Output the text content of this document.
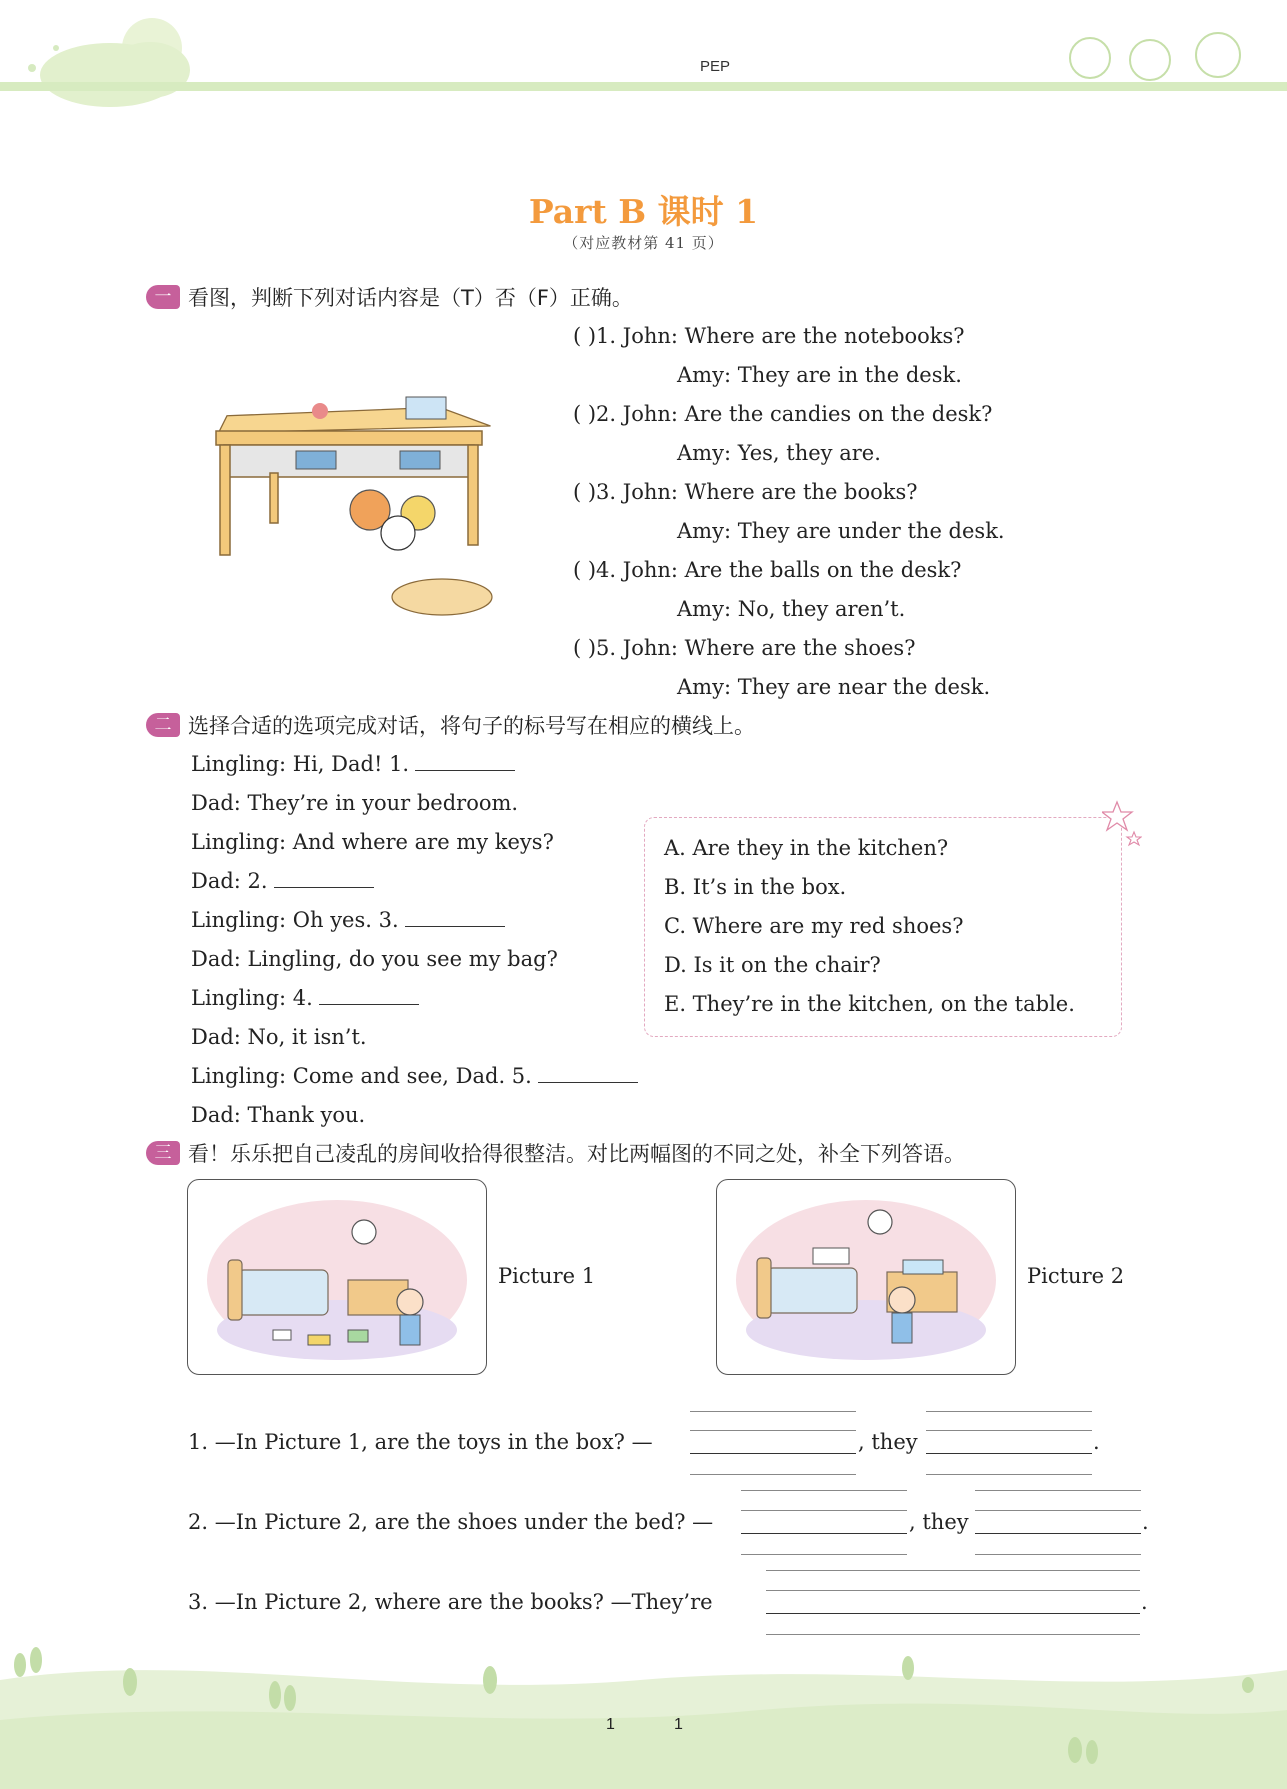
PEP
Part B 课时 1
（对应教材第 41 页）
一 看图，判断下列对话内容是（T）否（F）正确。
( )1. John: Where are the notebooks?
Amy: They are in the desk.
( )2. John: Are the candies on the desk?
Amy: Yes, they are.
( )3. John: Where are the books?
Amy: They are under the desk.
( )4. John: Are the balls on the desk?
Amy: No, they aren’t.
( )5. John: Where are the shoes?
Amy: They are near the desk.
二 选择合适的选项完成对话，将句子的标号写在相应的横线上。
Lingling: Hi, Dad! 1.
Dad: They’re in your bedroom.
Lingling: And where are my keys?
Dad: 2.
Lingling: Oh yes. 3.
Dad: Lingling, do you see my bag?
Lingling: 4.
Dad: No, it isn’t.
Lingling: Come and see, Dad. 5.
Dad: Thank you.
A. Are they in the kitchen?
B. It’s in the box.
C. Where are my red shoes?
D. Is it on the chair?
E. They’re in the kitchen, on the table.
三 看！乐乐把自己凌乱的房间收拾得很整洁。对比两幅图的不同之处，补全下列答语。
Picture 1	Picture 2
1. —In Picture 1, are the toys in the box? —	, they	.
2. —In Picture 2, are the shoes under the bed? —	, they	.
3. —In Picture 2, where are the books? —They’re	.
1	1
